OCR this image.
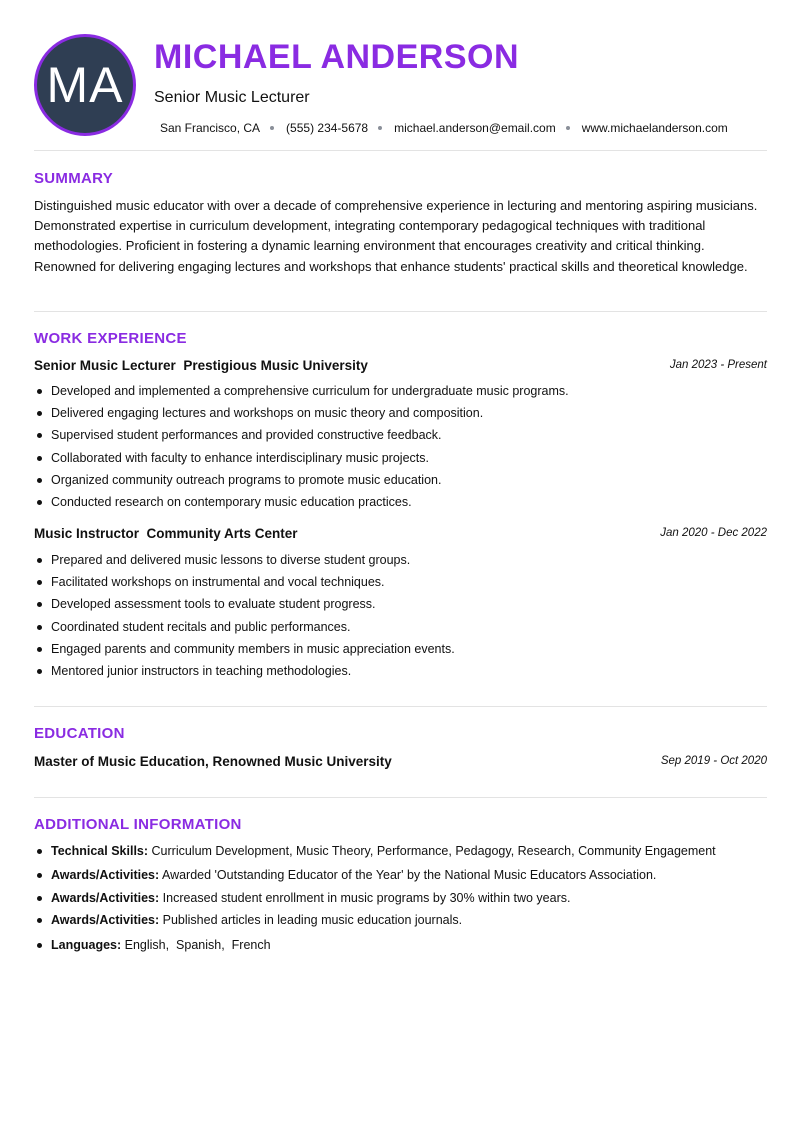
MA MICHAEL ANDERSON
Senior Music Lecturer
San Francisco, CA (555) 234-5678 michael.anderson@email.com www.michaelanderson.com
SUMMARY

Distinguished music educator with over a decade of comprehensive experience in lecturing and mentoring aspiring musicians. Demonstrated expertise in curriculum development, integrating contemporary pedagogical techniques with traditional methodologies. Proficient in fostering a dynamic learning environment that encourages creativity and critical thinking. Renowned for delivering engaging lectures and workshops that enhance students' practical skills and theoretical knowledge.

WORK EXPERIENCE
Senior Music Lecturer Prestigious Music University	Jan 2023 - Present
Developed and implemented a comprehensive curriculum for undergraduate music programs.
Delivered engaging lectures and workshops on music theory and composition.
Supervised student performances and provided constructive feedback.
Collaborated with faculty to enhance interdisciplinary music projects.
Organized community outreach programs to promote music education.
Conducted research on contemporary music education practices.
Music Instructor Community Arts Center	Jan 2020 - Dec 2022
Prepared and delivered music lessons to diverse student groups.
Facilitated workshops on instrumental and vocal techniques.
Developed assessment tools to evaluate student progress.
Coordinated student recitals and public performances.
Engaged parents and community members in music appreciation events.
Mentored junior instructors in teaching methodologies.
EDUCATION
Master of Music Education, Renowned Music University	Sep 2019 - Oct 2020
ADDITIONAL INFORMATION
Technical Skills: Curriculum Development, Music Theory, Performance, Pedagogy, Research, Community Engagement
Awards/Activities: Awarded 'Outstanding Educator of the Year' by the National Music Educators Association.
Awards/Activities: Increased student enrollment in music programs by 30% within two years.
Awards/Activities: Published articles in leading music education journals.
Languages: English,  Spanish,  French
